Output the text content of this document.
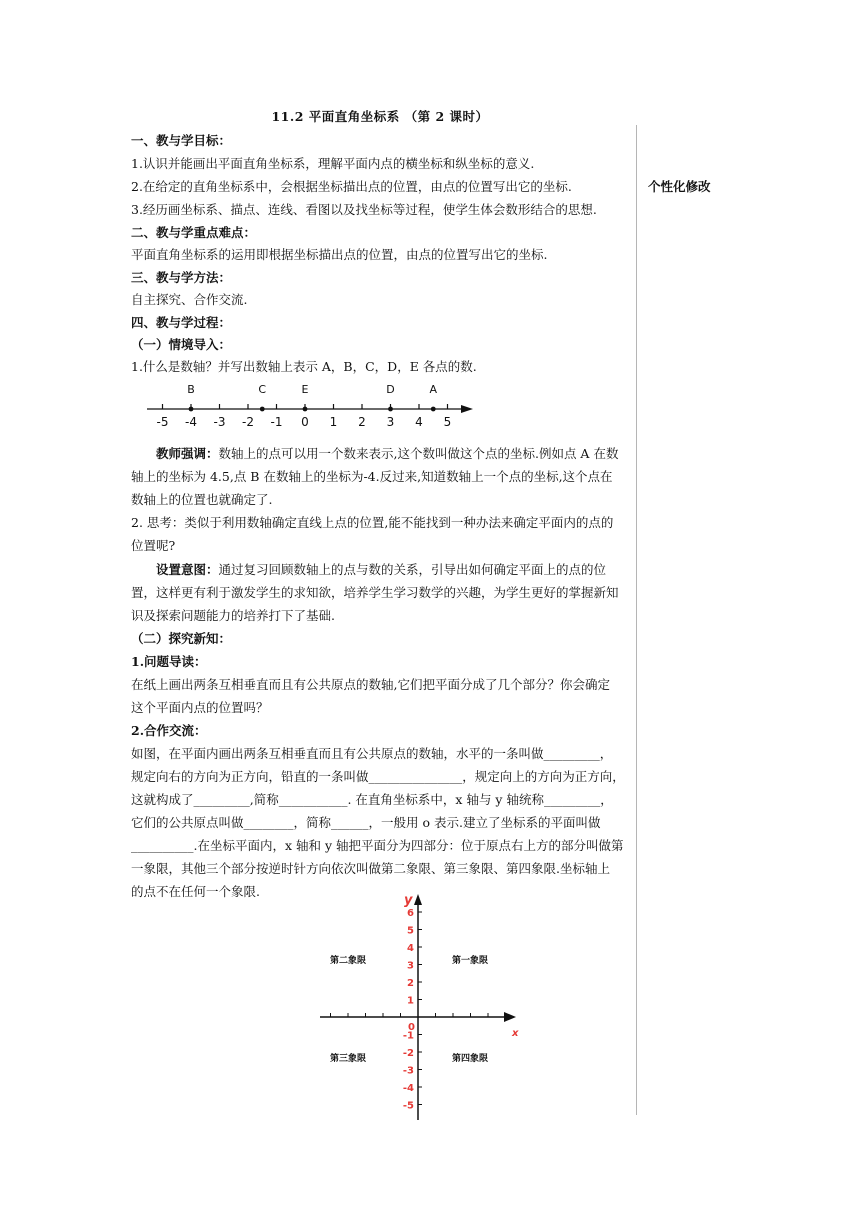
11.2 平面直角坐标系 （第 2 课时）
个性化修改
一、教与学目标：
1.认识并能画出平面直角坐标系，理解平面内点的横坐标和纵坐标的意义.
2.在给定的直角坐标系中，会根据坐标描出点的位置，由点的位置写出它的坐标.
3.经历画坐标系、描点、连线、看图以及找坐标等过程，使学生体会数形结合的思想.
二、教与学重点难点：
平面直角坐标系的运用即根据坐标描出点的位置，由点的位置写出它的坐标.
三、教与学方法：
自主探究、合作交流.
四、教与学过程：
（一）情境导入：
1.什么是数轴？并写出数轴上表示 A，B，C，D，E 各点的数.
-5 -4 -3 -2 -1 0 1 2 3 4 5
B	C	E	D	A
教师强调：数轴上的点可以用一个数来表示,这个数叫做这个点的坐标.例如点 A 在数
轴上的坐标为 4.5,点 B 在数轴上的坐标为-4.反过来,知道数轴上一个点的坐标,这个点在
数轴上的位置也就确定了.
2. 思考：类似于利用数轴确定直线上点的位置,能不能找到一种办法来确定平面内的点的
位置呢?
设置意图：通过复习回顾数轴上的点与数的关系，引导出如何确定平面上的点的位
置，这样更有利于激发学生的求知欲，培养学生学习数学的兴趣，为学生更好的掌握新知
识及探索问题能力的培养打下了基础.
（二）探究新知：
1.问题导读：
在纸上画出两条互相垂直而且有公共原点的数轴,它们把平面分成了几个部分？你会确定
这个平面内点的位置吗？
2.合作交流：
如图，在平面内画出两条互相垂直而且有公共原点的数轴，水平的一条叫做_________，
规定向右的方向为正方向，铅直的一条叫做_______________，规定向上的方向为正方向，
这就构成了_________,简称___________. 在直角坐标系中，x 轴与 y 轴统称_________，
它们的公共原点叫做________，简称______，一般用 o 表示.建立了坐标系的平面叫做
__________.在坐标平面内，x 轴和 y 轴把平面分为四部分：位于原点右上方的部分叫做第
一象限，其他三个部分按逆时针方向依次叫做第二象限、第三象限、第四象限.坐标轴上
的点不在任何一个象限.
1
2
3
4
5
6
-1
-2
-3
-4
-5
0
y
x
第二象限	第一象限
第三象限	第四象限
